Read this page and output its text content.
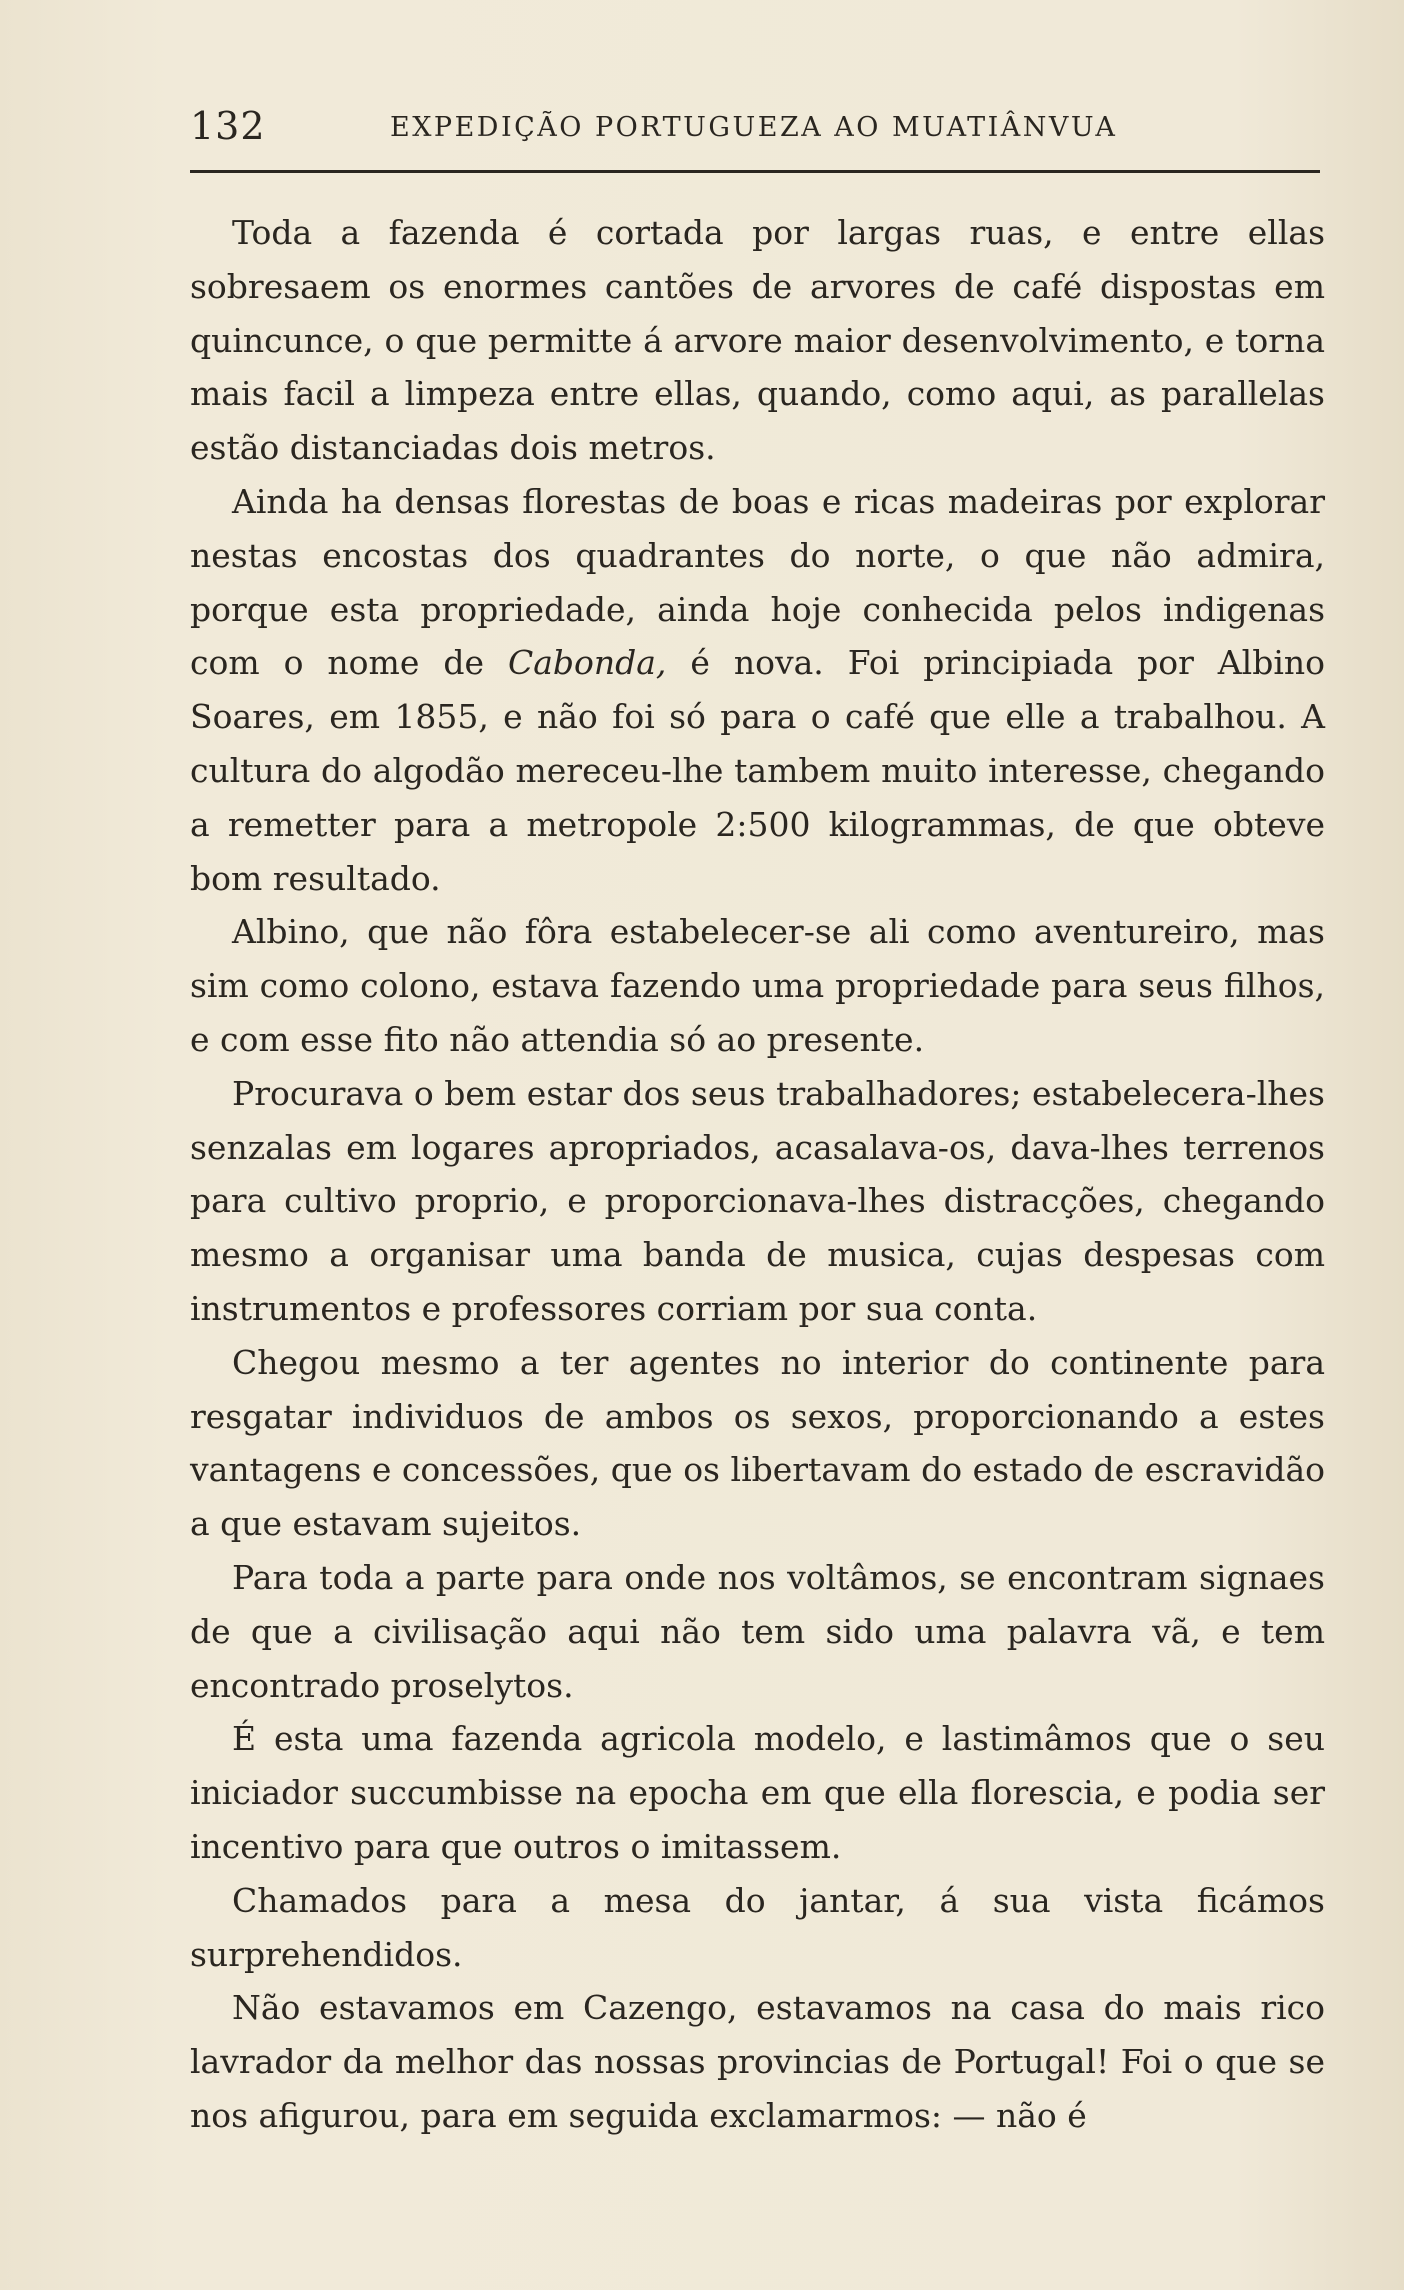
132	EXPEDIÇÃO PORTUGUEZA AO MUATIÂNVUA

Toda a fazenda é cortada por largas ruas, e entre ellas sobresaem os enormes cantões de arvores de café dispostas em quincunce, o que permitte á arvore maior desenvolvimento, e torna mais facil a limpeza entre ellas, quando, como aqui, as parallelas estão distanciadas dois metros.

Ainda ha densas florestas de boas e ricas madeiras por explorar nestas encostas dos quadrantes do norte, o que não admira, porque esta propriedade, ainda hoje conhecida pelos indigenas com o nome de Cabonda, é nova. Foi principiada por Albino Soares, em 1855, e não foi só para o café que elle a trabalhou. A cultura do algodão mereceu-lhe tambem muito interesse, chegando a remetter para a metropole 2:500 kilogrammas, de que obteve bom resultado.

Albino, que não fôra estabelecer-se ali como aventureiro, mas sim como colono, estava fazendo uma propriedade para seus filhos, e com esse fito não attendia só ao presente.

Procurava o bem estar dos seus trabalhadores; estabelecera-lhes senzalas em logares apropriados, acasalava-os, dava-lhes terrenos para cultivo proprio, e proporcionava-lhes distracções, chegando mesmo a organisar uma banda de musica, cujas despesas com instrumentos e professores corriam por sua conta.

Chegou mesmo a ter agentes no interior do continente para resgatar individuos de ambos os sexos, proporcionando a estes vantagens e concessões, que os libertavam do estado de escravidão a que estavam sujeitos.

Para toda a parte para onde nos voltâmos, se encontram signaes de que a civilisação aqui não tem sido uma palavra vã, e tem encontrado proselytos.

É esta uma fazenda agricola modelo, e lastimâmos que o seu iniciador succumbisse na epocha em que ella florescia, e podia ser incentivo para que outros o imitassem.

Chamados para a mesa do jantar, á sua vista ficámos surprehendidos.

Não estavamos em Cazengo, estavamos na casa do mais rico lavrador da melhor das nossas provincias de Portugal! Foi o que se nos afigurou, para em seguida exclamarmos: — não é
